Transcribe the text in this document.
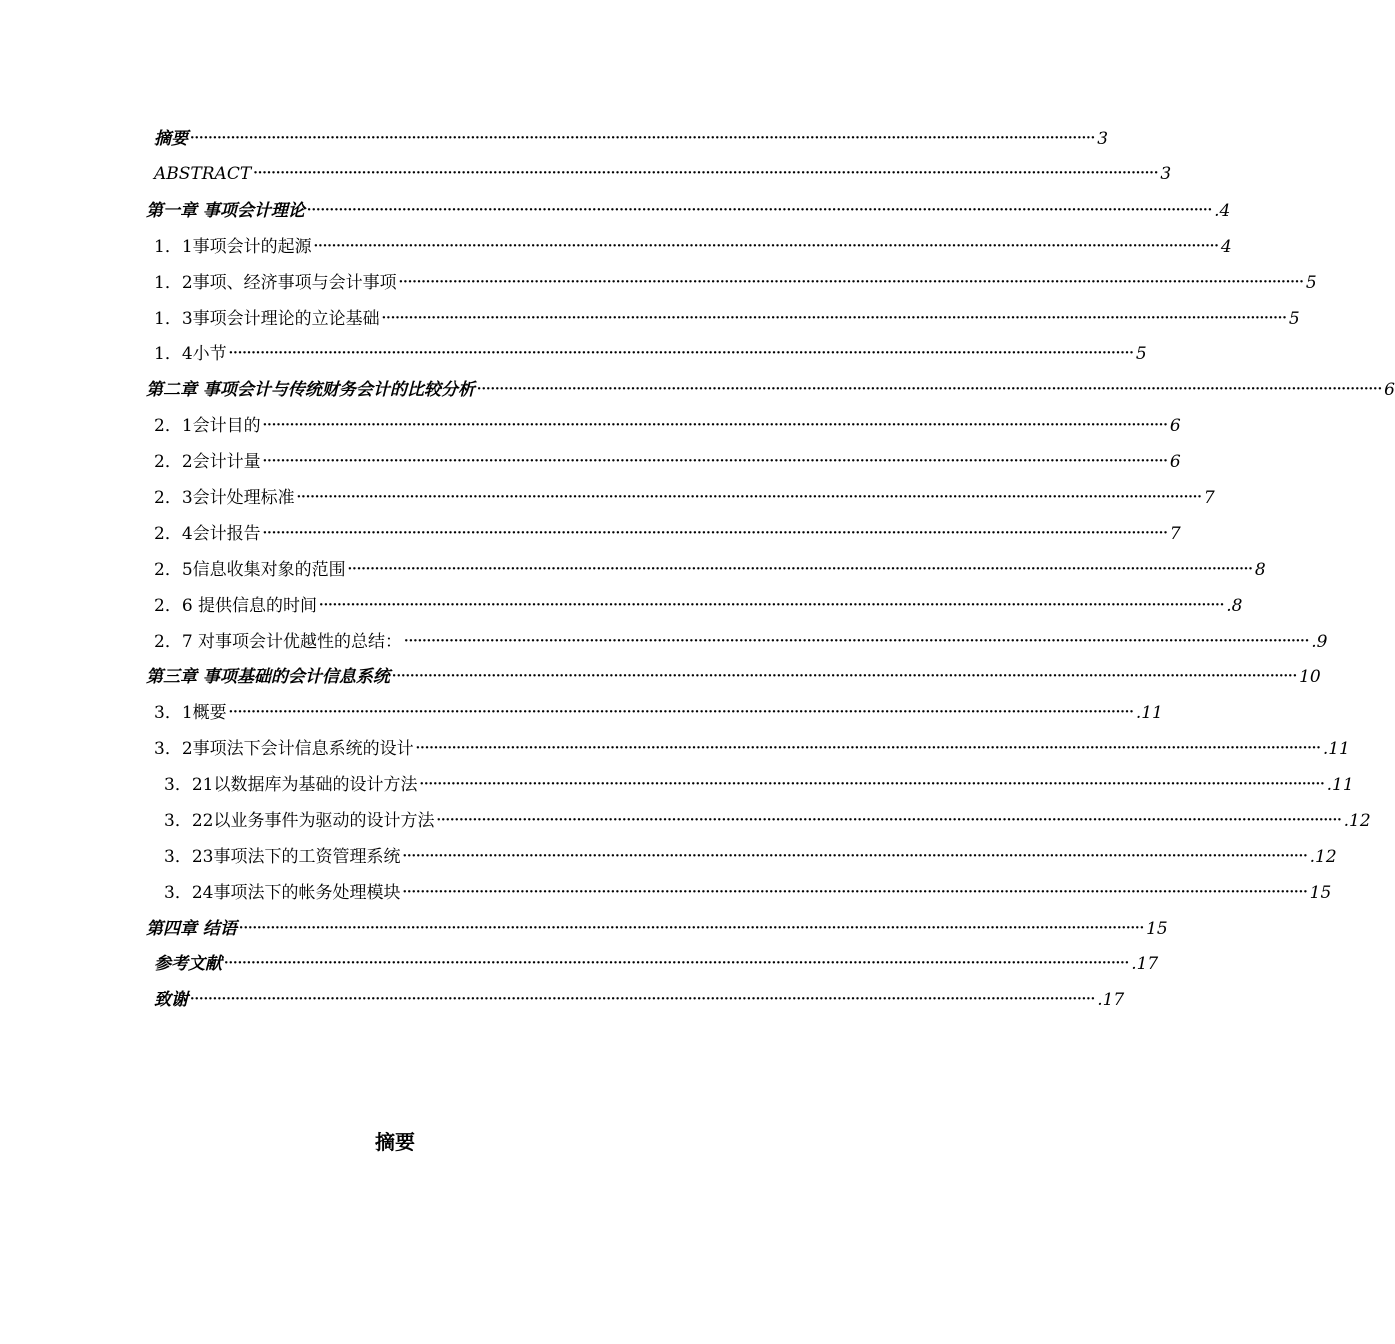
摘要 ········································································································································································································ 3
ABSTRACT ········································································································································································································ 3
第一章 事项会计理论 ········································································································································································································ .4
1．1事项会计的起源 ········································································································································································································ 4
1．2事项、经济事项与会计事项 ········································································································································································································ 5
1．3事项会计理论的立论基础 ········································································································································································································ 5
1．4小节 ········································································································································································································ 5
第二章 事项会计与传统财务会计的比较分析 ········································································································································································································ 6
2．1会计目的 ········································································································································································································ 6
2．2会计计量 ········································································································································································································ 6
2．3会计处理标准 ········································································································································································································ 7
2．4会计报告 ········································································································································································································ 7
2．5信息收集对象的范围 ········································································································································································································ 8
2．6 提供信息的时间 ········································································································································································································ .8
2．7 对事项会计优越性的总结： ········································································································································································································ .9
第三章 事项基础的会计信息系统 ········································································································································································································ 10
3．1概要 ········································································································································································································ .11
3．2事项法下会计信息系统的设计 ········································································································································································································ .11
3．21以数据库为基础的设计方法 ········································································································································································································ .11
3．22以业务事件为驱动的设计方法 ········································································································································································································ .12
3．23事项法下的工资管理系统 ········································································································································································································ .12
3．24事项法下的帐务处理模块 ········································································································································································································ 15
第四章 结语 ········································································································································································································ 15
参考文献 ········································································································································································································ .17
致谢 ········································································································································································································ .17
摘要
